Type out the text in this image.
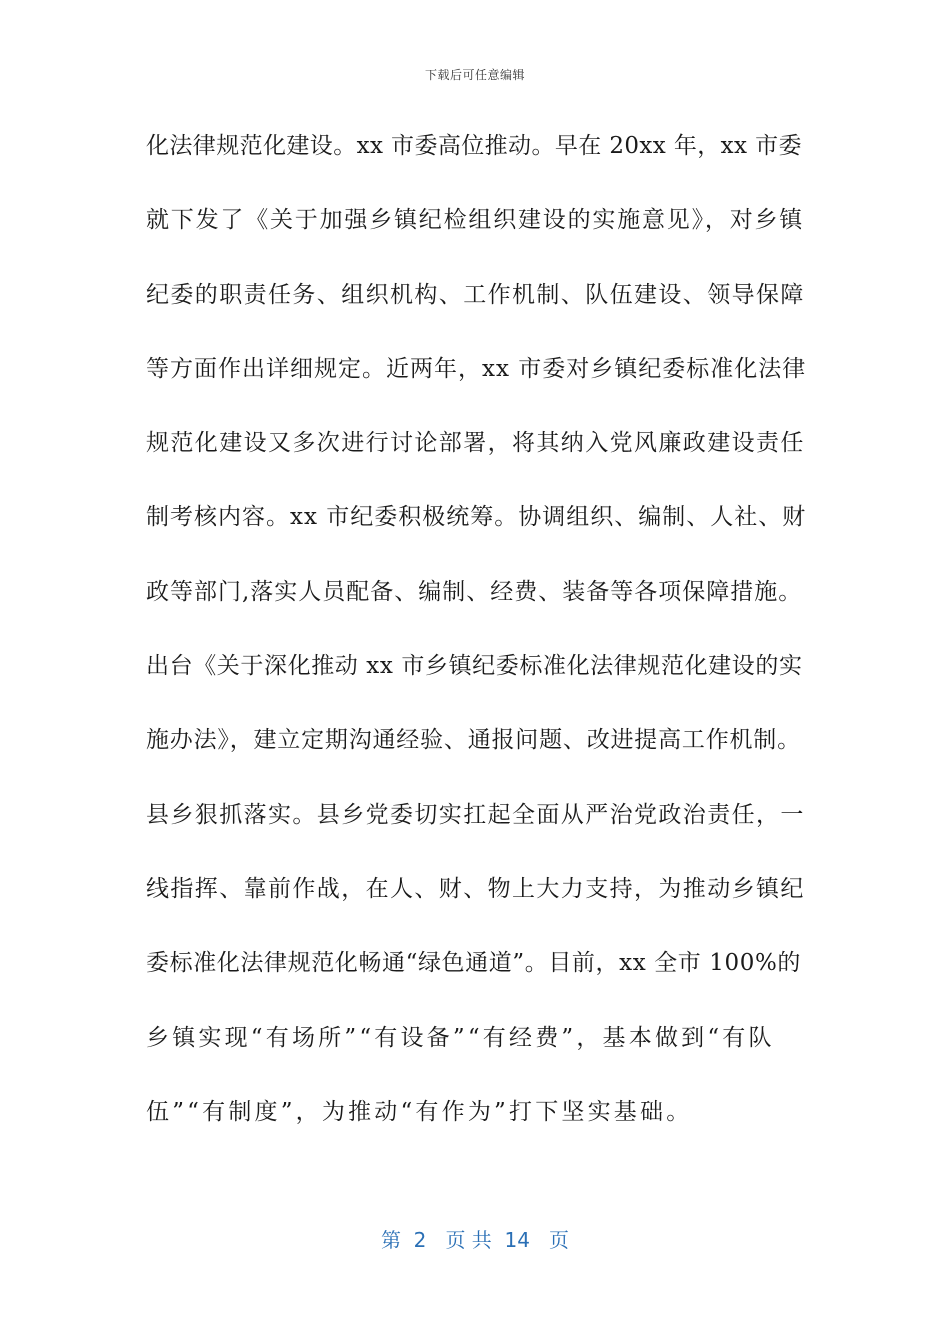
下载后可任意编辑
化法律规范化建设。xx 市委高位推动。早在 20xx 年，xx 市委
就下发了《关于加强乡镇纪检组织建设的实施意见》，对乡镇
纪委的职责任务、组织机构、工作机制、队伍建设、领导保障
等方面作出详细规定。近两年，xx 市委对乡镇纪委标准化法律
规范化建设又多次进行讨论部署，将其纳入党风廉政建设责任
制考核内容。xx 市纪委积极统筹。协调组织、编制、人社、财
政等部门,落实人员配备、编制、经费、装备等各项保障措施。
出台《关于深化推动 xx 市乡镇纪委标准化法律规范化建设的实
施办法》，建立定期沟通经验、通报问题、改进提高工作机制。
县乡狠抓落实。县乡党委切实扛起全面从严治党政治责任，一
线指挥、靠前作战，在人、财、物上大力支持，为推动乡镇纪
委标准化法律规范化畅通“绿色通道”。目前，xx 全市 100%的
乡镇实现“有场所”“有设备”“有经费”，基本做到“有队
伍”“有制度”，为推动“有作为”打下坚实基础。
第  2   页 共  14   页
